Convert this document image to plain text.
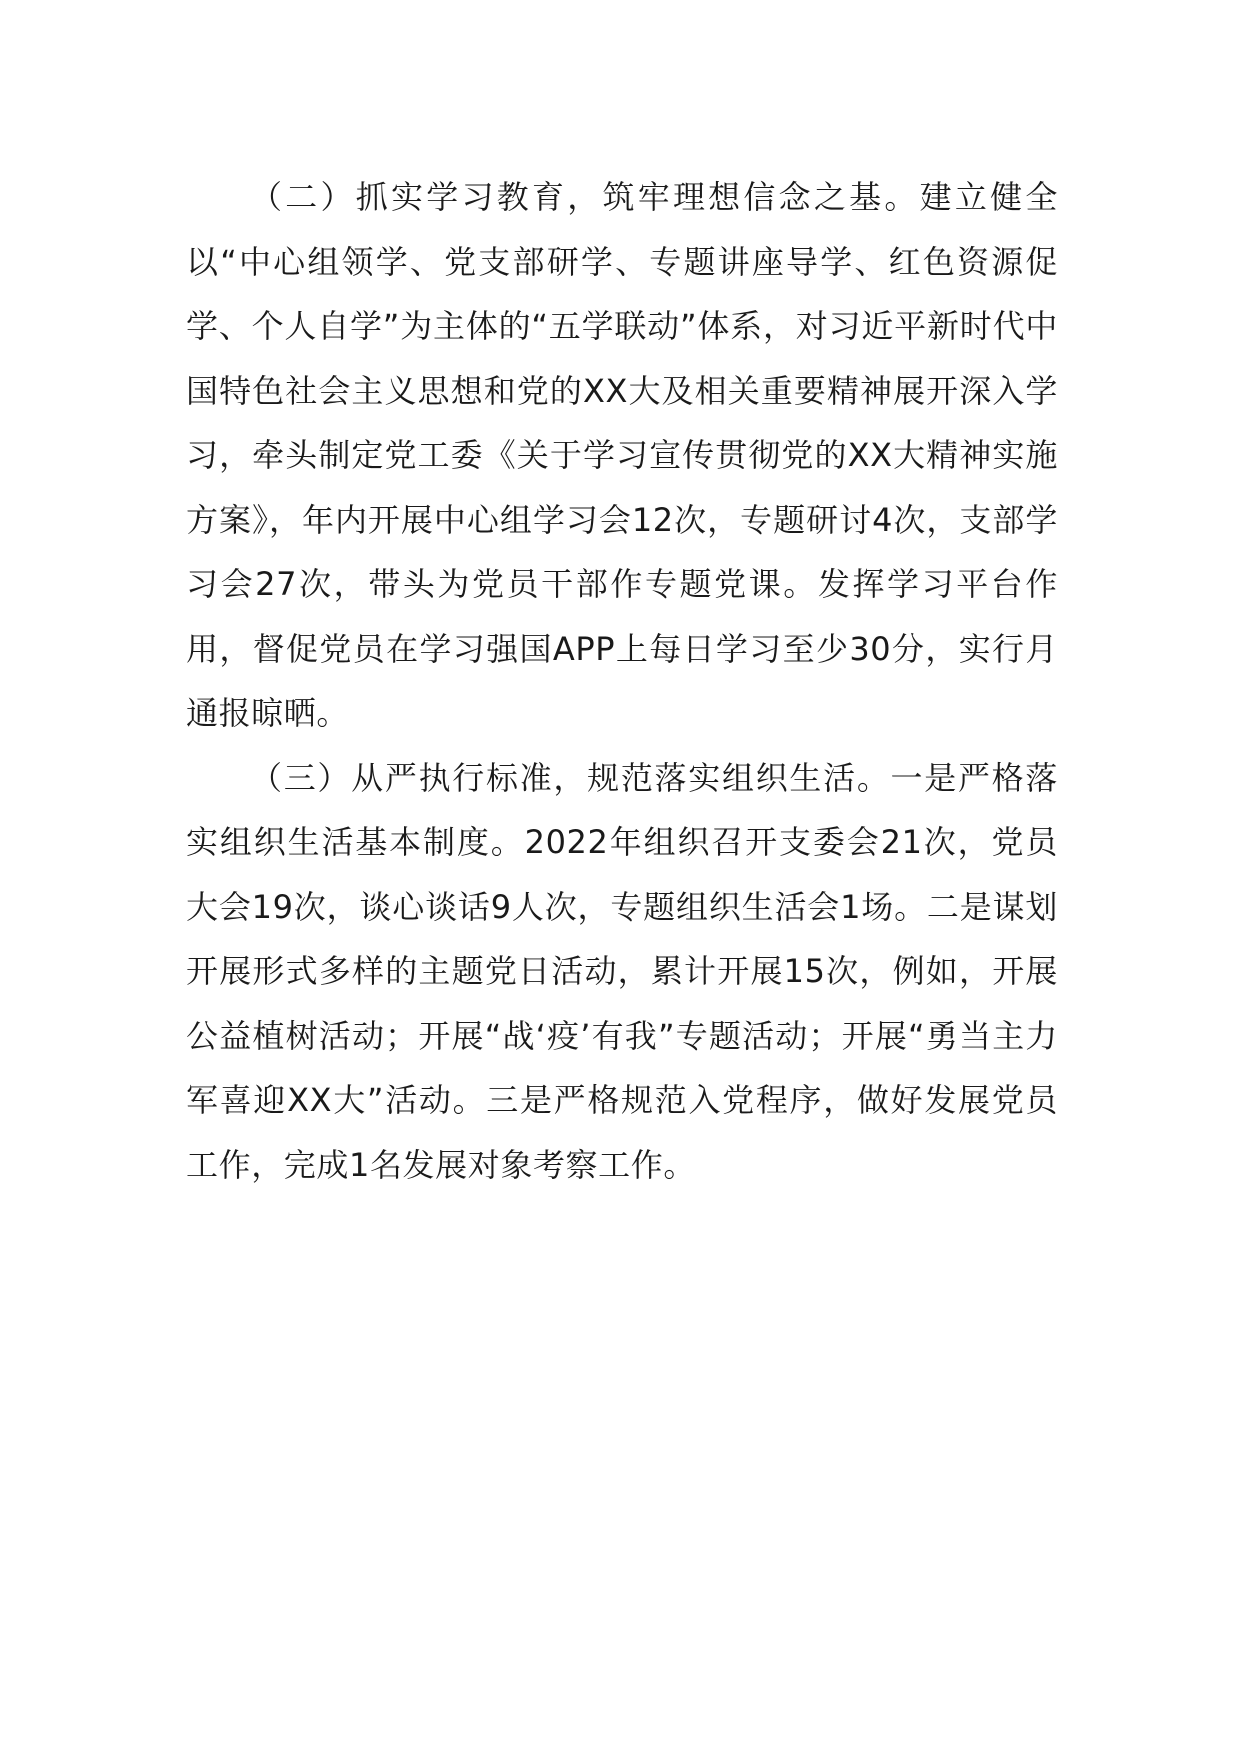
（二）抓实学习教育，筑牢理想信念之基。建立健全以“中心组领学、党支部研学、专题讲座导学、红色资源促学、个人自学”为主体的“五学联动”体系，对习近平新时代中国特色社会主义思想和党的XX大及相关重要精神展开深入学习，牵头制定党工委《关于学习宣传贯彻党的XX大精神实施方案》，年内开展中心组学习会12次，专题研讨4次，支部学习会27次，带头为党员干部作专题党课。发挥学习平台作用，督促党员在学习强国APP上每日学习至少30分，实行月通报晾晒。

（三）从严执行标准，规范落实组织生活。一是严格落实组织生活基本制度。2022年组织召开支委会21次，党员大会19次，谈心谈话9人次，专题组织生活会1场。二是谋划开展形式多样的主题党日活动，累计开展15次，例如，开展公益植树活动；开展“战‘疫’有我”专题活动；开展“勇当主力军喜迎XX大”活动。三是严格规范入党程序，做好发展党员工作，完成1名发展对象考察工作。
